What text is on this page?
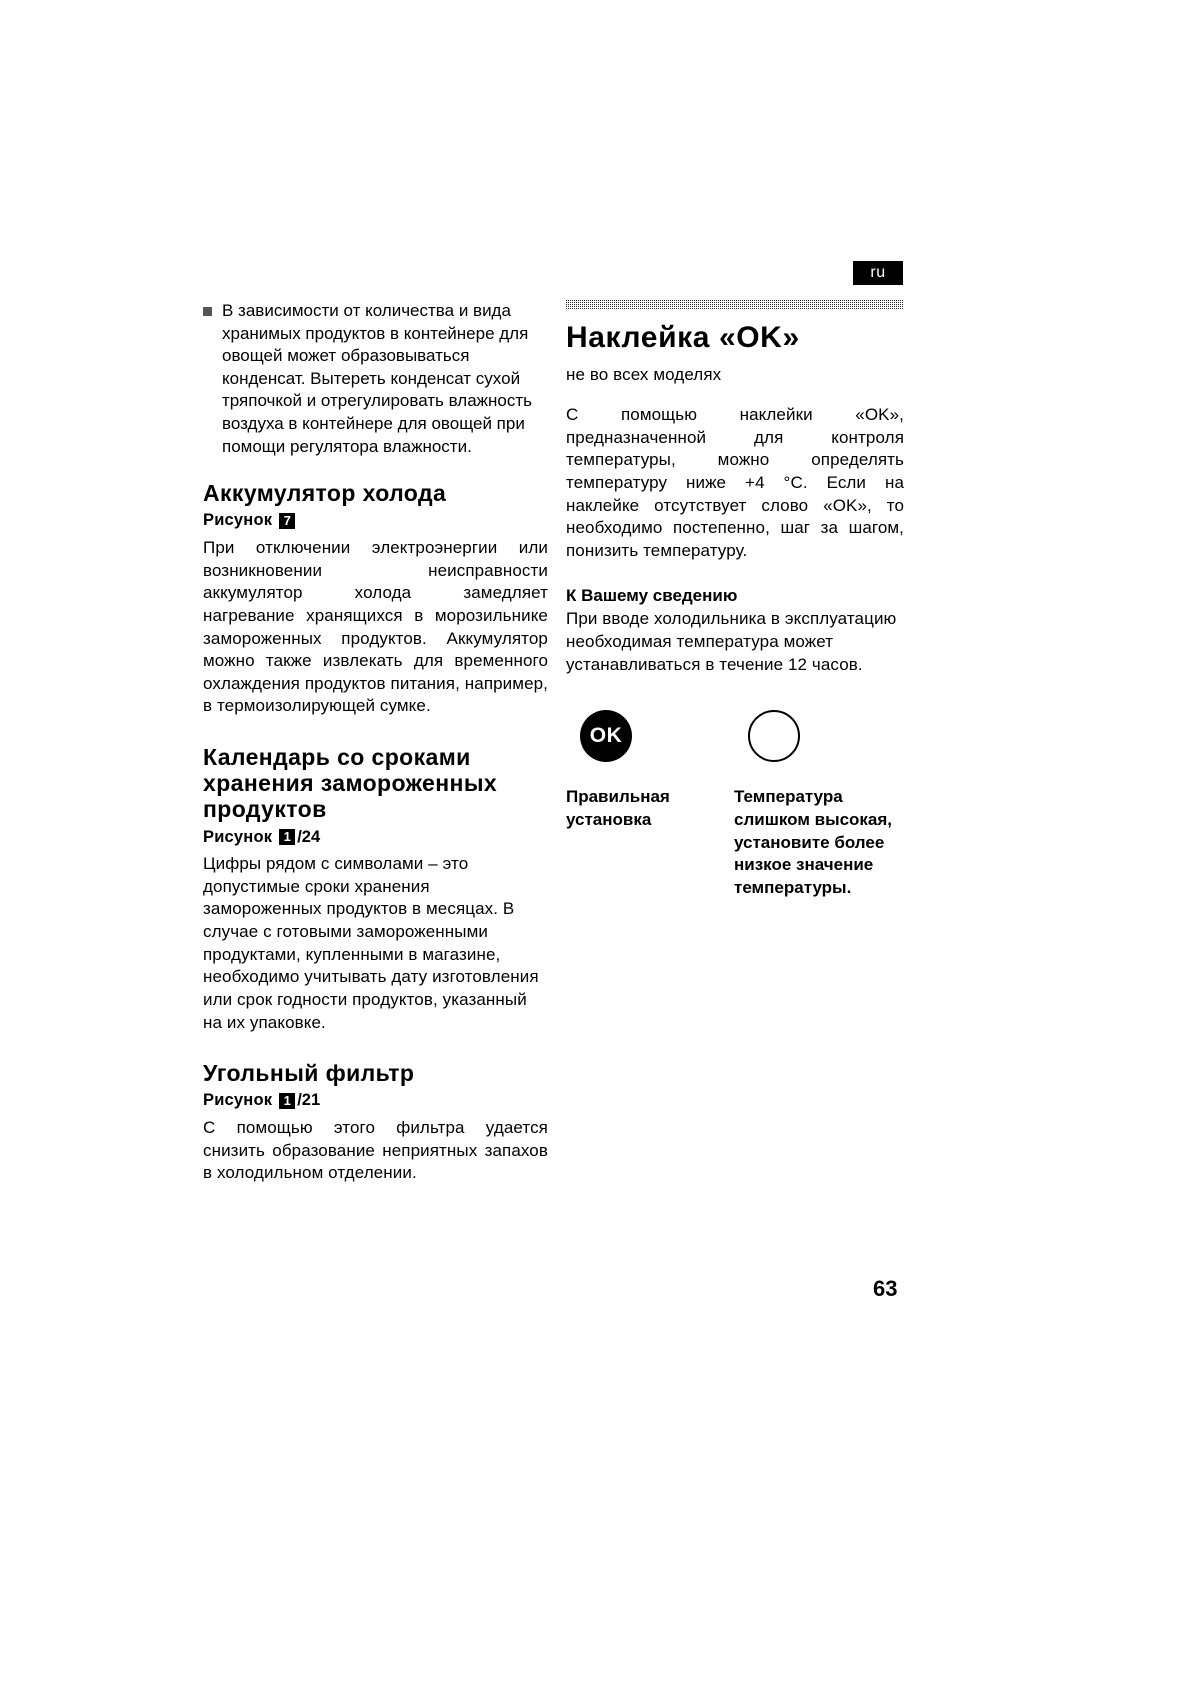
ru
В зависимости от количества и вида хранимых продуктов в контейнере для овощей может образовываться конденсат. Вытереть конденсат сухой тряпочкой и отрегулировать влажность воздуха в контейнере для овощей при помощи регулятора влажности.
Аккумулятор холода
Рисунок 7

При отключении электроэнергии или возникновении неисправности аккумулятор холода замедляет нагревание хранящихся в морозильнике замороженных продуктов. Аккумулятор можно также извлекать для временного охлаждения продуктов питания, например, в термоизолирующей сумке.

Календарь со сроками хранения замороженных продуктов
Рисунок 1 /24

Цифры рядом с символами – это допустимые сроки хранения замороженных продуктов в месяцах. В случае с готовыми замороженными продуктами, купленными в магазине, необходимо учитывать дату изготовления или срок годности продуктов, указанный на их упаковке.

Угольный фильтр
Рисунок 1 /21

С помощью этого фильтра удается снизить образование неприятных запахов в холодильном отделении.

Наклейка «OK»

не во всех моделях

С помощью наклейки «OK», предназначенной для контроля температуры, можно определять температуру ниже +4 °C. Если на наклейке отсутствует слово «OK», то необходимо постепенно, шаг за шагом, понизить температуру.

К Вашему сведению

При вводе холодильника в эксплуатацию необходимая температура может устанавливаться в течение 12 часов.

OK
Правильная установка
Температура слишком высокая, установите более низкое значение температуры.
63
